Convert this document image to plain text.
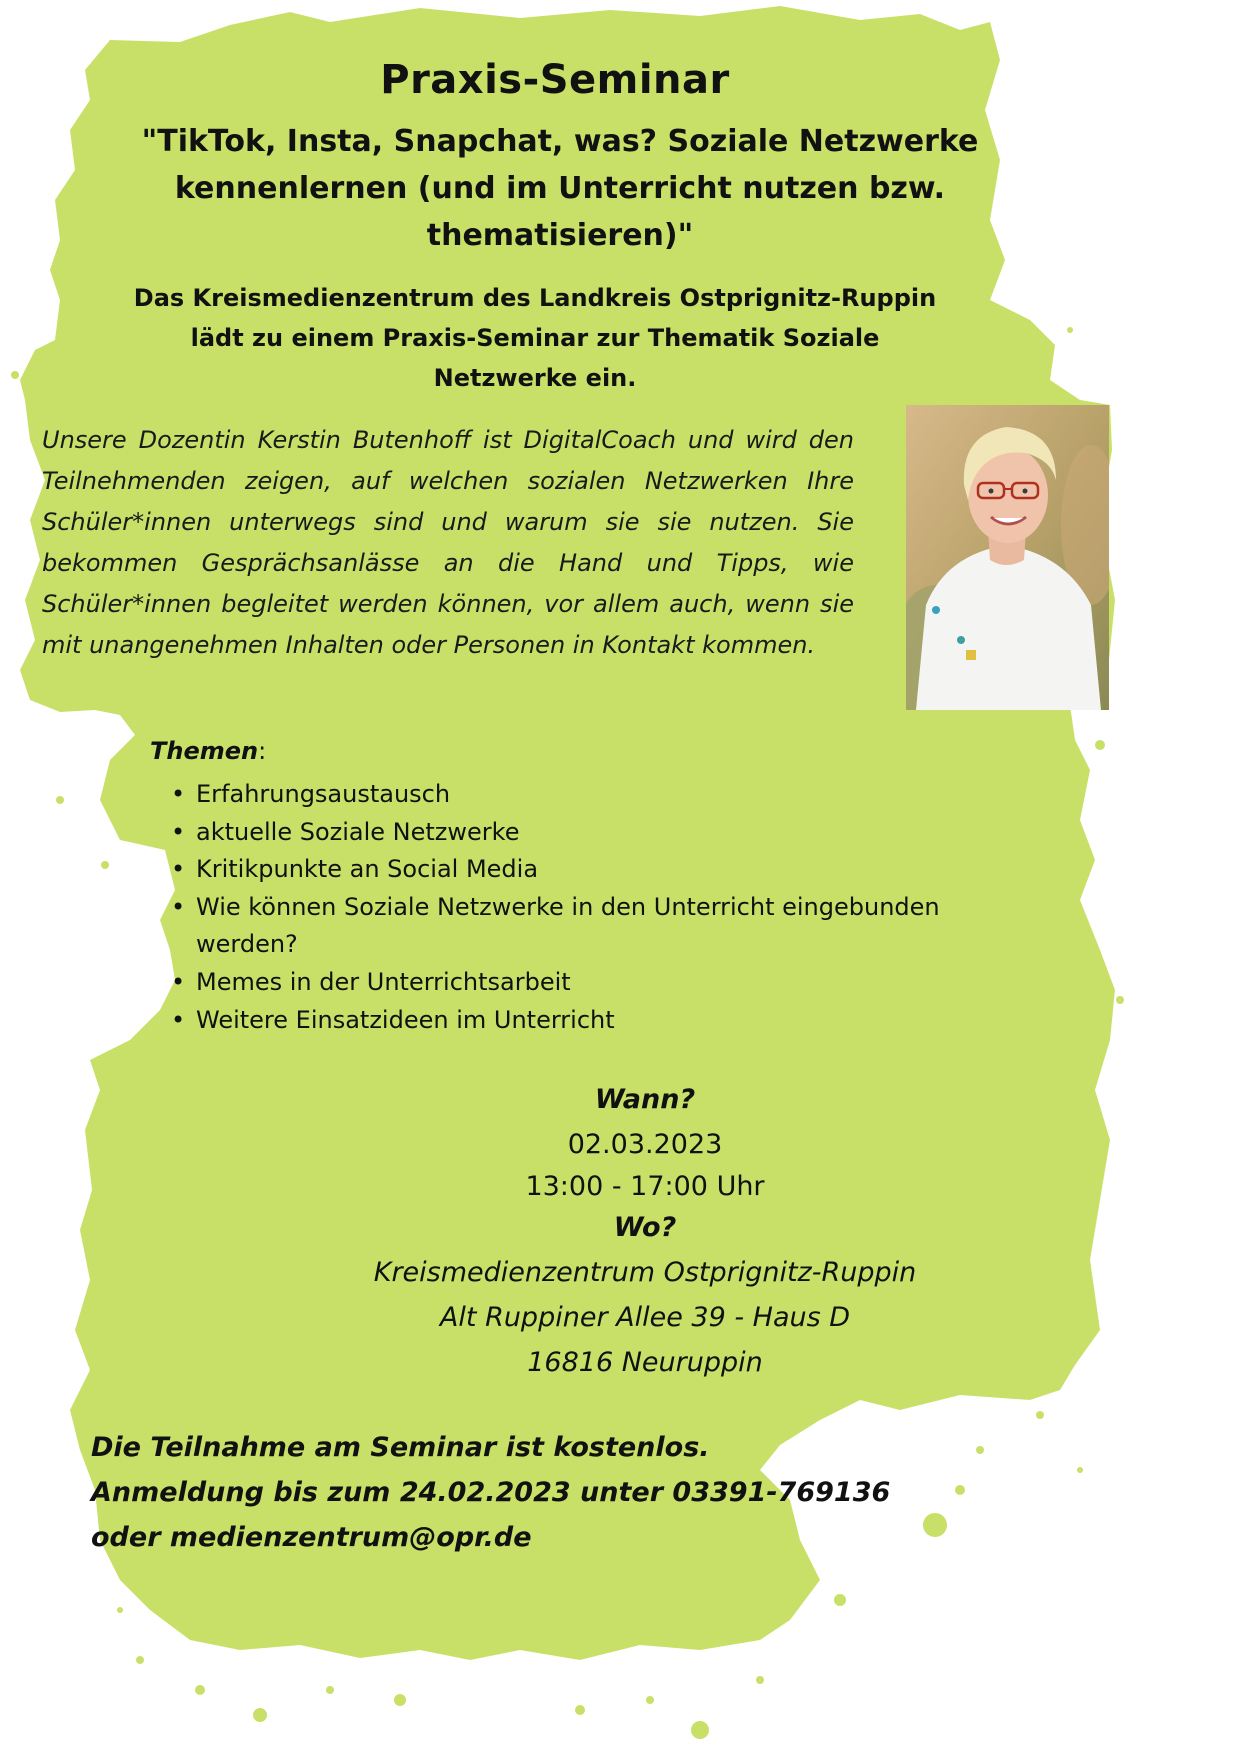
Praxis-Seminar
"TikTok, Insta, Snapchat, was? Soziale Netzwerke
kennenlernen (und im Unterricht nutzen bzw.
thematisieren)"
Das Kreismedienzentrum des Landkreis Ostprignitz-Ruppin
lädt zu einem Praxis-Seminar zur Thematik Soziale
Netzwerke ein.
Unsere Dozentin Kerstin Butenhoff ist DigitalCoach und wird den Teilnehmenden zeigen, auf welchen sozialen Netzwerken Ihre Schüler*innen unterwegs sind und warum sie sie nutzen. Sie bekommen Gesprächsanlässe an die Hand und Tipps, wie Schüler*innen begleitet werden können, vor allem auch, wenn sie mit unangenehmen Inhalten oder Personen in Kontakt kommen.
Themen:
• Erfahrungsaustausch
• aktuelle Soziale Netzwerke
• Kritikpunkte an Social Media
• Wie können Soziale Netzwerke in den Unterricht eingebunden werden?
• Memes in der Unterrichtsarbeit
• Weitere Einsatzideen im Unterricht
Wann?
02.03.2023
13:00 - 17:00 Uhr
Wo?
Kreismedienzentrum Ostprignitz-Ruppin
Alt Ruppiner Allee 39 - Haus D
16816 Neuruppin
Die Teilnahme am Seminar ist kostenlos.
Anmeldung bis zum 24.02.2023 unter 03391-769136
oder medienzentrum@opr.de
